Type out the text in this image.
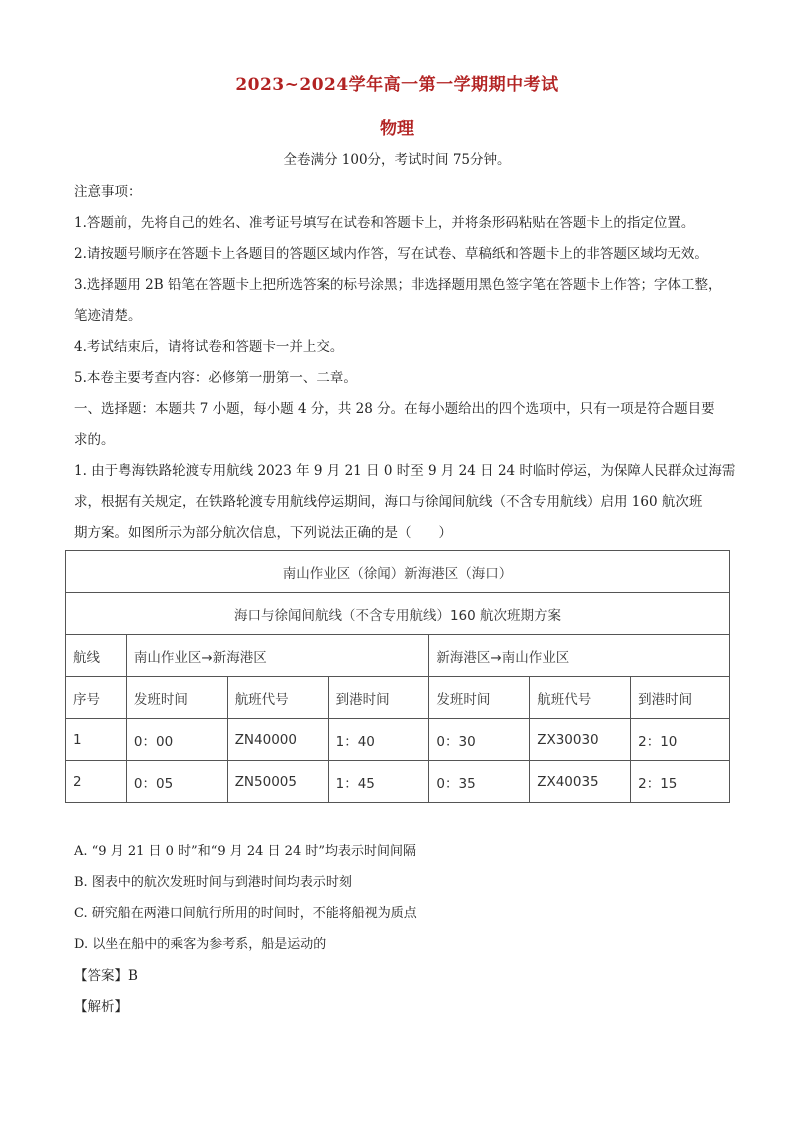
2023~2024学年高一第一学期期中考试
物理
全卷满分 100分，考试时间 75分钟。
注意事项：
1.答题前，先将自己的姓名、准考证号填写在试卷和答题卡上，并将条形码粘贴在答题卡上的指定位置。
2.请按题号顺序在答题卡上各题目的答题区域内作答，写在试卷、草稿纸和答题卡上的非答题区域均无效。
3.选择题用 2B 铅笔在答题卡上把所选答案的标号涂黑；非选择题用黑色签字笔在答题卡上作答；字体工整，
笔迹清楚。
4.考试结束后，请将试卷和答题卡一并上交。
5.本卷主要考查内容：必修第一册第一、二章。
一、选择题：本题共 7 小题，每小题 4 分，共 28 分。在每小题给出的四个选项中，只有一项是符合题目要
求的。
1. 由于粤海铁路轮渡专用航线 2023 年 9 月 21 日 0 时至 9 月 24 日 24 时临时停运，为保障人民群众过海需
求，根据有关规定，在铁路轮渡专用航线停运期间，海口与徐闻间航线（不含专用航线）启用 160 航次班
期方案。如图所示为部分航次信息，下列说法正确的是（　　）
南山作业区（徐闻）新海港区（海口）						
海口与徐闻间航线（不含专用航线）160 航次班期方案						
航线	南山作业区→新海港区			新海港区→南山作业区		
序号	发班时间	航班代号	到港时间	发班时间	航班代号	到港时间
1	0：00	ZN40000	1：40	0：30	ZX30030	2：10
2	0：05	ZN50005	1：45	0：35	ZX40035	2：15
A. “9 月 21 日 0 时”和“9 月 24 日 24 时”均表示时间间隔
B. 图表中的航次发班时间与到港时间均表示时刻
C. 研究船在两港口间航行所用的时间时，不能将船视为质点
D. 以坐在船中的乘客为参考系，船是运动的
【答案】B
【解析】
